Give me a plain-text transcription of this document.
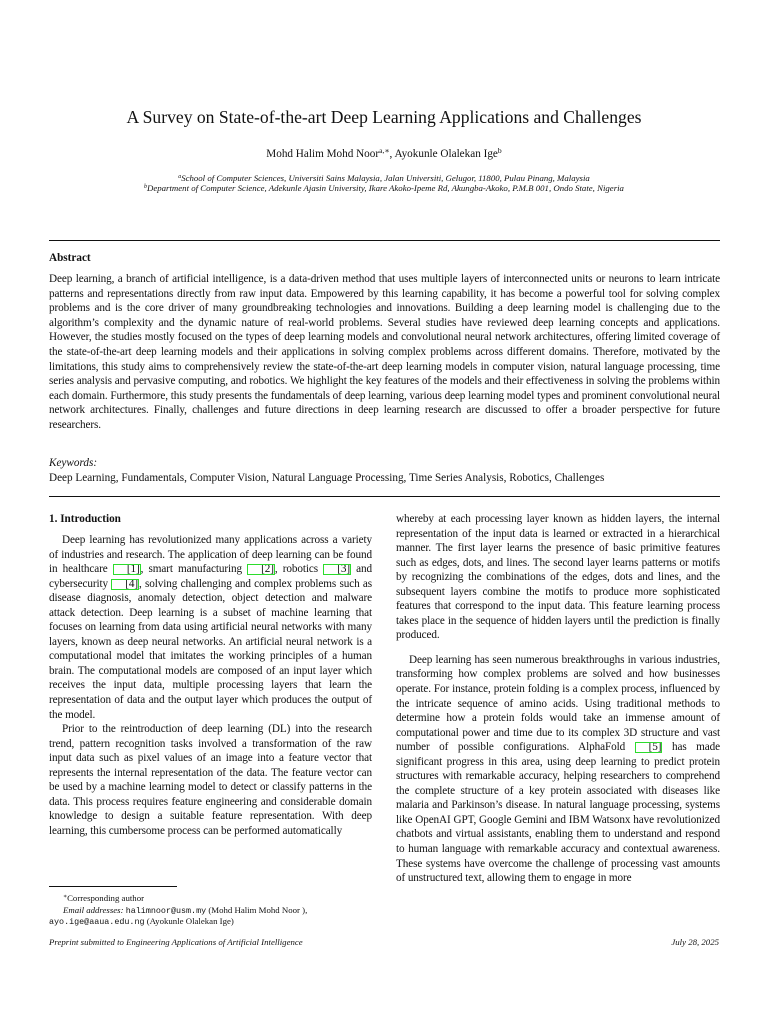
A Survey on State-of-the-art Deep Learning Applications and Challenges
Mohd Halim Mohd Noor$^{a,∗}$, Ayokunle Olalekan Ige$^b$
$^a$School of Computer Sciences, Universiti Sains Malaysia, Jalan Universiti, Gelugor, 11800, Pulau Pinang, Malaysia
$^b$Department of Computer Science, Adekunle Ajasin University, Ikare Akoko-Ipeme Rd, Akungba-Akoko, P.M.B 001, Ondo State, Nigeria
Abstract
Deep learning, a branch of artificial intelligence, is a data-driven method that uses multiple layers of interconnected units or neurons to learn intricate patterns and representations directly from raw input data. Empowered by this learning capability, it has become a powerful tool for solving complex problems and is the core driver of many groundbreaking technologies and innovations. Building a deep learning model is challenging due to the algorithm’s complexity and the dynamic nature of real-world problems. Several studies have reviewed deep learning concepts and applications. However, the studies mostly focused on the types of deep learning models and convolutional neural network architectures, offering limited coverage of the state-of-the-art deep learning models and their applications in solving complex problems across different domains. Therefore, motivated by the limitations, this study aims to comprehensively review the state-of-the-art deep learning models in computer vision, natural language processing, time series analysis and pervasive computing, and robotics. We highlight the key features of the models and their effectiveness in solving the problems within each domain. Furthermore, this study presents the fundamentals of deep learning, various deep learning model types and prominent convolutional neural network architectures. Finally, challenges and future directions in deep learning research are discussed to offer a broader perspective for future researchers.
Keywords:
Deep Learning, Fundamentals, Computer Vision, Natural Language Processing, Time Series Analysis, Robotics, Challenges
1. Introduction

Deep learning has revolutionized many applications across a variety of industries and research. The application of deep learning can be found in healthcare [1], smart manufacturing [2], robotics [3] and cybersecurity [4], solving challenging and complex problems such as disease diagnosis, anomaly detection, object detection and malware attack detection. Deep learning is a subset of machine learning that focuses on learning from data using artificial neural networks with many layers, known as deep neural networks. An artificial neural network is a computational model that imitates the working principles of a human brain. The computational models are composed of an input layer which receives the input data, multiple processing layers that learn the representation of data and the output layer which produces the output of the model.

Prior to the reintroduction of deep learning (DL) into the research trend, pattern recognition tasks involved a transformation of the raw input data such as pixel values of an image into a feature vector that represents the internal representation of the data. The feature vector can be used by a machine learning model to detect or classify patterns in the data. This process requires feature engineering and considerable domain knowledge to design a suitable feature representation. With deep learning, this cumbersome process can be performed automatically

whereby at each processing layer known as hidden layers, the internal representation of the input data is learned or extracted in a hierarchical manner. The first layer learns the presence of basic primitive features such as edges, dots, and lines. The second layer learns patterns or motifs by recognizing the combinations of the edges, dots and lines, and the subsequent layers combine the motifs to produce more sophisticated features that correspond to the input data. This feature learning process takes place in the sequence of hidden layers until the prediction is finally produced.

Deep learning has seen numerous breakthroughs in various industries, transforming how complex problems are solved and how businesses operate. For instance, protein folding is a complex process, influenced by the intricate sequence of amino acids. Using traditional methods to determine how a protein folds would take an immense amount of computational power and time due to its complex 3D structure and vast number of possible configurations. AlphaFold [5] has made significant progress in this area, using deep learning to predict protein structures with remarkable accuracy, helping researchers to comprehend the complete structure of a key protein associated with diseases like malaria and Parkinson’s disease. In natural language processing, systems like OpenAI GPT, Google Gemini and IBM Watsonx have revolutionized chatbots and virtual assistants, enabling them to understand and respond to human language with remarkable accuracy and contextual awareness. These systems have overcome the challenge of processing vast amounts of unstructured text, allowing them to engage in more

∗Corresponding author
Email addresses: halimnoor@usm.my (Mohd Halim Mohd Noor ),
ayo.ige@aaua.edu.ng (Ayokunle Olalekan Ige)
Preprint submitted to Engineering Applications of Artificial Intelligence	July 28, 2025
